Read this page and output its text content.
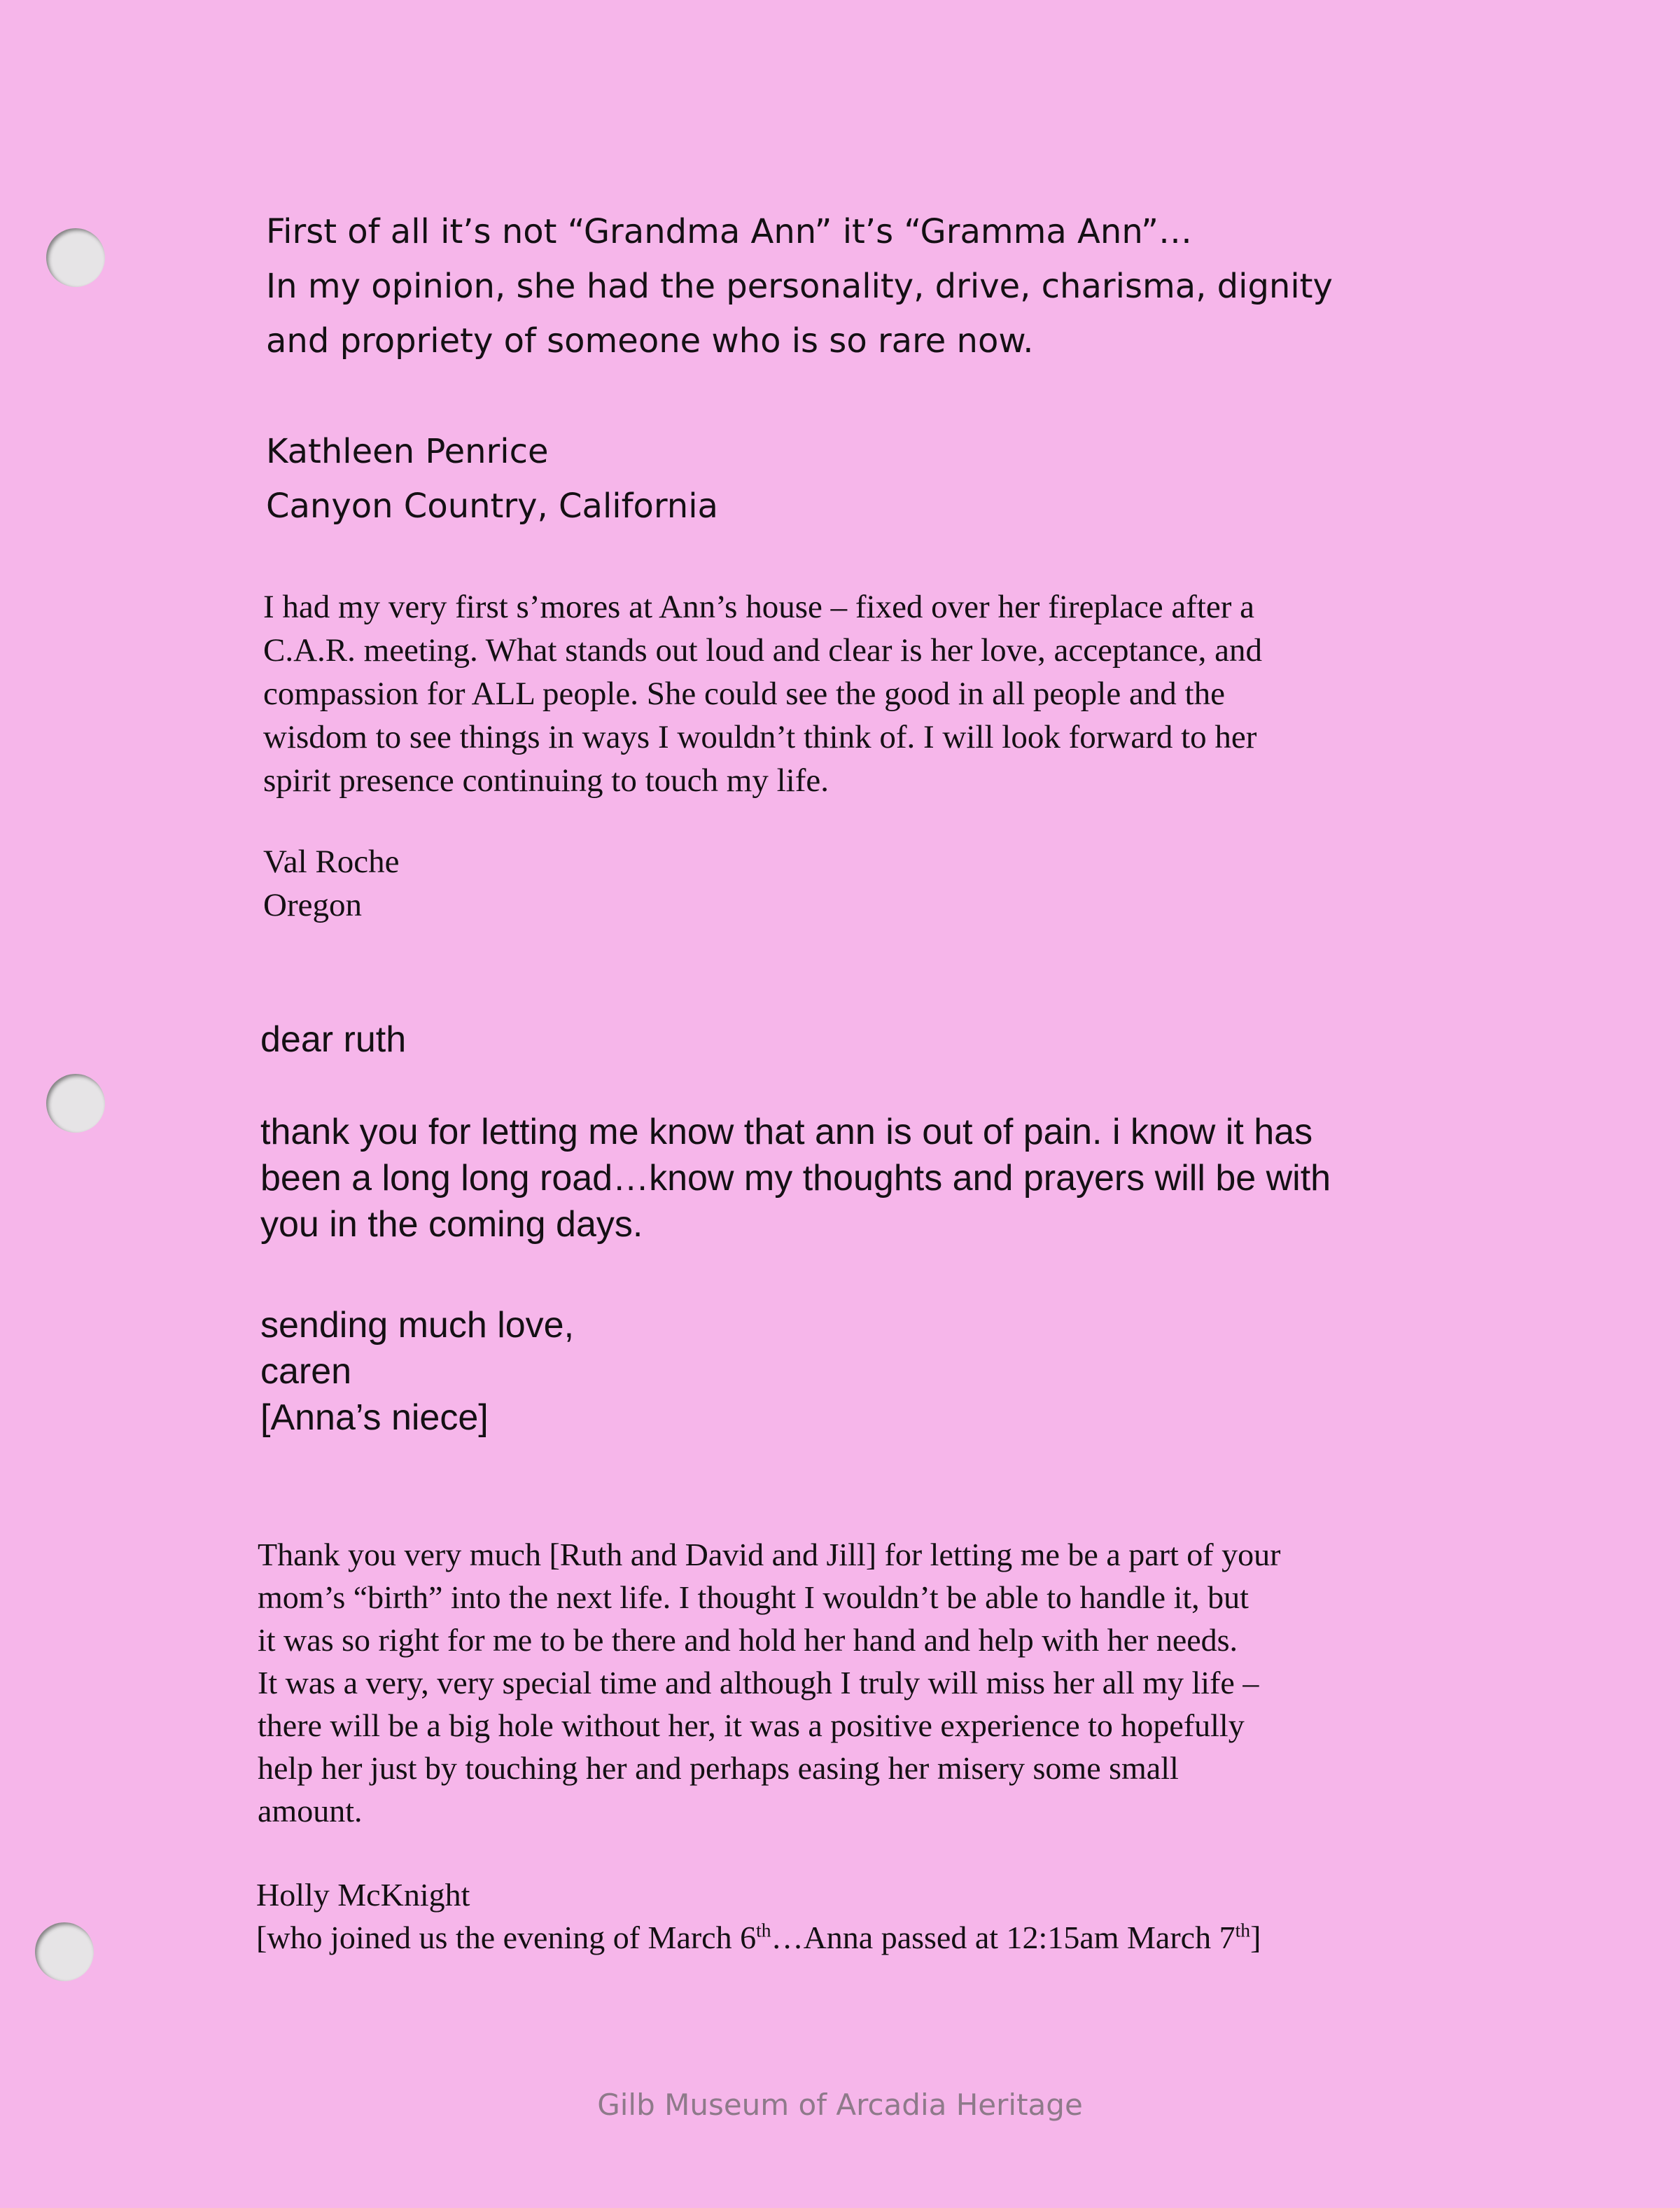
First of all it’s not “Grandma Ann” it’s “Gramma Ann”…
In my opinion, she had the personality, drive, charisma, dignity
and propriety of someone who is so rare now.
Kathleen Penrice
Canyon Country, California
I had my very first s’mores at Ann’s house – fixed over her fireplace after a
C.A.R. meeting. What stands out loud and clear is her love, acceptance, and
compassion for ALL people. She could see the good in all people and the
wisdom to see things in ways I wouldn’t think of. I will look forward to her
spirit presence continuing to touch my life.
Val Roche
Oregon
dear ruth
thank you for letting me know that ann is out of pain. i know it has
been a long long road…know my thoughts and prayers will be with
you in the coming days.
sending much love,
caren
[Anna’s niece]
Thank you very much [Ruth and David and Jill] for letting me be a part of your
mom’s “birth” into the next life. I thought I wouldn’t be able to handle it, but
it was so right for me to be there and hold her hand and help with her needs.
It was a very, very special time and although I truly will miss her all my life –
there will be a big hole without her, it was a positive experience to hopefully
help her just by touching her and perhaps easing her misery some small
amount.
Holly McKnight
[who joined us the evening of March 6th…Anna passed at 12:15am March 7th]
Gilb Museum of Arcadia Heritage
